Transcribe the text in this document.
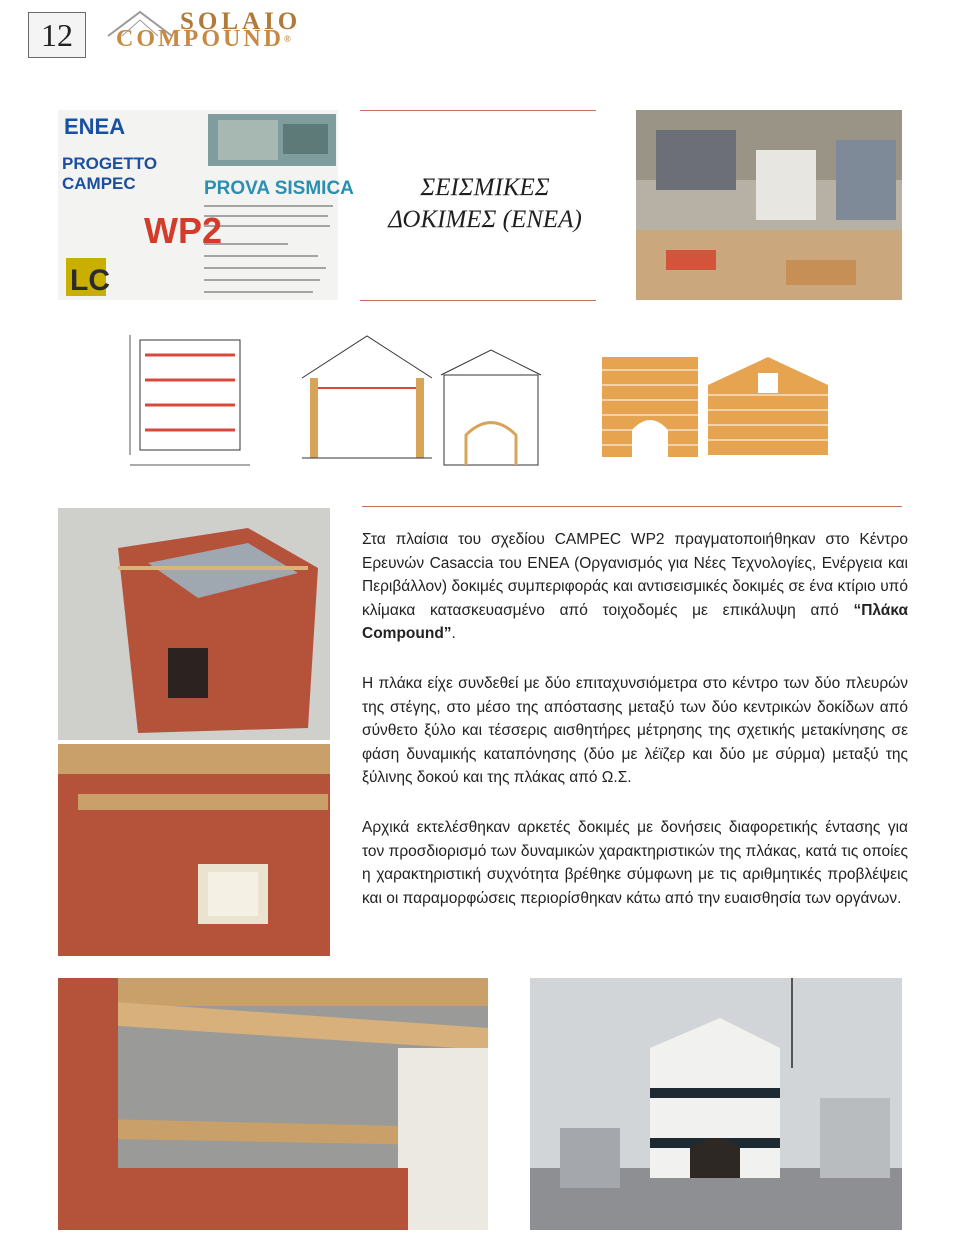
12	SOLAIO
COMPOUND®
ENEA
PROVA SISMICA
LC
PROGETTO CAMPEC
WP2
ΣΕΙΣΜΙΚΕΣ
ΔΟΚΙΜΕΣ (ΕΝΕΑ)

Στα πλαίσια του σχεδίου CAMPEC WP2 πραγματοποιήθηκαν στο Κέντρο Ερευνών Casaccia του ENEA (Οργανισμός για Νέες Τεχνολογίες, Ενέργεια και Περιβάλλον) δοκιμές συμπεριφοράς και αντισεισμικές δοκιμές σε ένα κτίριο υπό κλίμακα κατασκευασμένο από τοιχοδομές με επικάλυψη από “Πλάκα Compound”.

Η πλάκα είχε συνδεθεί με δύο επιταχυνσιόμετρα στο κέντρο των δύο πλευρών της στέγης, στο μέσο της απόστασης μεταξύ των δύο κεντρικών δοκίδων από σύνθετο ξύλο και τέσσερις αισθητήρες μέτρησης της σχετικής μετακίνησης σε φάση δυναμικής καταπόνησης (δύο με λέϊζερ και δύο με σύρμα) μεταξύ της ξύλινης δοκού και της πλάκας από Ω.Σ.

Αρχικά εκτελέσθηκαν αρκετές δοκιμές με δονήσεις διαφορετικής έντασης για τον προσδιορισμό των δυναμικών χαρακτηριστικών της πλάκας, κατά τις οποίες η χαρακτηριστική συχνότητα βρέθηκε σύμφωνη με τις αριθμητικές προβλέψεις και οι παραμορφώσεις περιορίσθηκαν κάτω από την ευαισθησία των οργάνων.
